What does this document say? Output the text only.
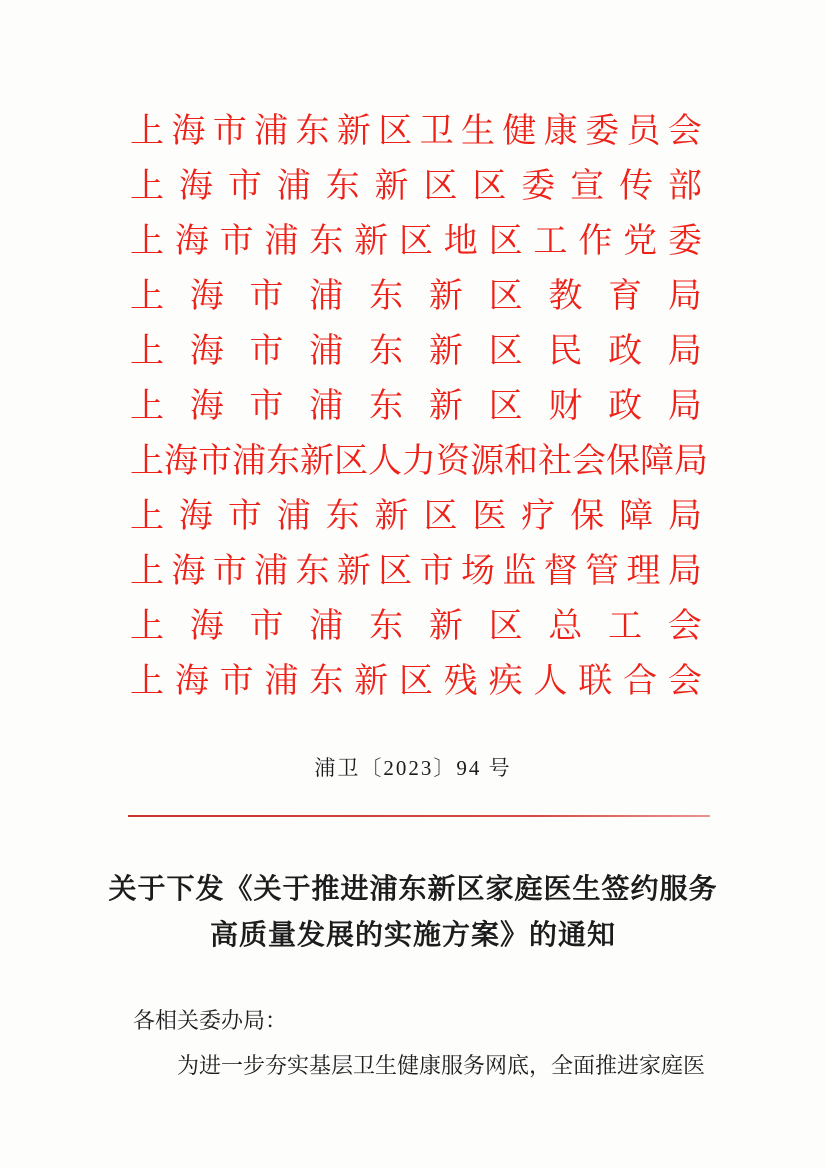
上 海 市 浦 东 新 区 卫 生 健 康 委 员 会
上 海 市 浦 东 新 区 区 委 宣 传 部
上 海 市 浦 东 新 区 地 区 工 作 党 委
上 海 市 浦 东 新 区 教 育 局
上 海 市 浦 东 新 区 民 政 局
上 海 市 浦 东 新 区 财 政 局
上 海 市 浦 东 新 区 人 力 资 源 和 社 会 保 障 局
上 海 市 浦 东 新 区 医 疗 保 障 局
上 海 市 浦 东 新 区 市 场 监 督 管 理 局
上 海 市 浦 东 新 区 总 工 会
上 海 市 浦 东 新 区 残 疾 人 联 合 会
浦卫〔2023〕94 号
关于下发《关于推进浦东新区家庭医生签约服务
高质量发展的实施方案》的通知
各相关委办局：

为进一步夯实基层卫生健康服务网底，全面推进家庭医
